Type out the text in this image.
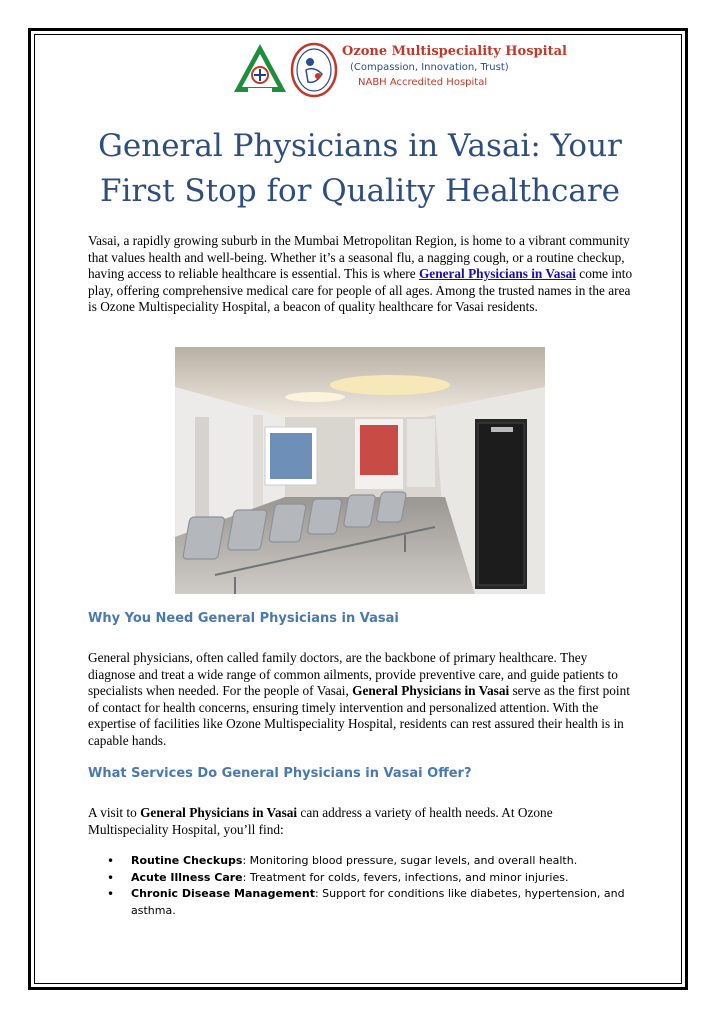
Ozone Multispeciality Hospital
(Compassion, Innovation, Trust)
NABH Accredited Hospital
General Physicians in Vasai: Your
First Stop for Quality Healthcare

Vasai, a rapidly growing suburb in the Mumbai Metropolitan Region, is home to a vibrant community that values health and well-being. Whether it’s a seasonal flu, a nagging cough, or a routine checkup, having access to reliable healthcare is essential. This is where General Physicians in Vasai come into play, offering comprehensive medical care for people of all ages. Among the trusted names in the area is Ozone Multispeciality Hospital, a beacon of quality healthcare for Vasai residents.

Why You Need General Physicians in Vasai

General physicians, often called family doctors, are the backbone of primary healthcare. They diagnose and treat a wide range of common ailments, provide preventive care, and guide patients to specialists when needed. For the people of Vasai, General Physicians in Vasai serve as the first point of contact for health concerns, ensuring timely intervention and personalized attention. With the expertise of facilities like Ozone Multispeciality Hospital, residents can rest assured their health is in capable hands.

What Services Do General Physicians in Vasai Offer?

A visit to General Physicians in Vasai can address a variety of health needs. At Ozone Multispeciality Hospital, you’ll find:

• Routine Checkups: Monitoring blood pressure, sugar levels, and overall health.
• Acute Illness Care: Treatment for colds, fevers, infections, and minor injuries.
• Chronic Disease Management: Support for conditions like diabetes, hypertension, and asthma.
